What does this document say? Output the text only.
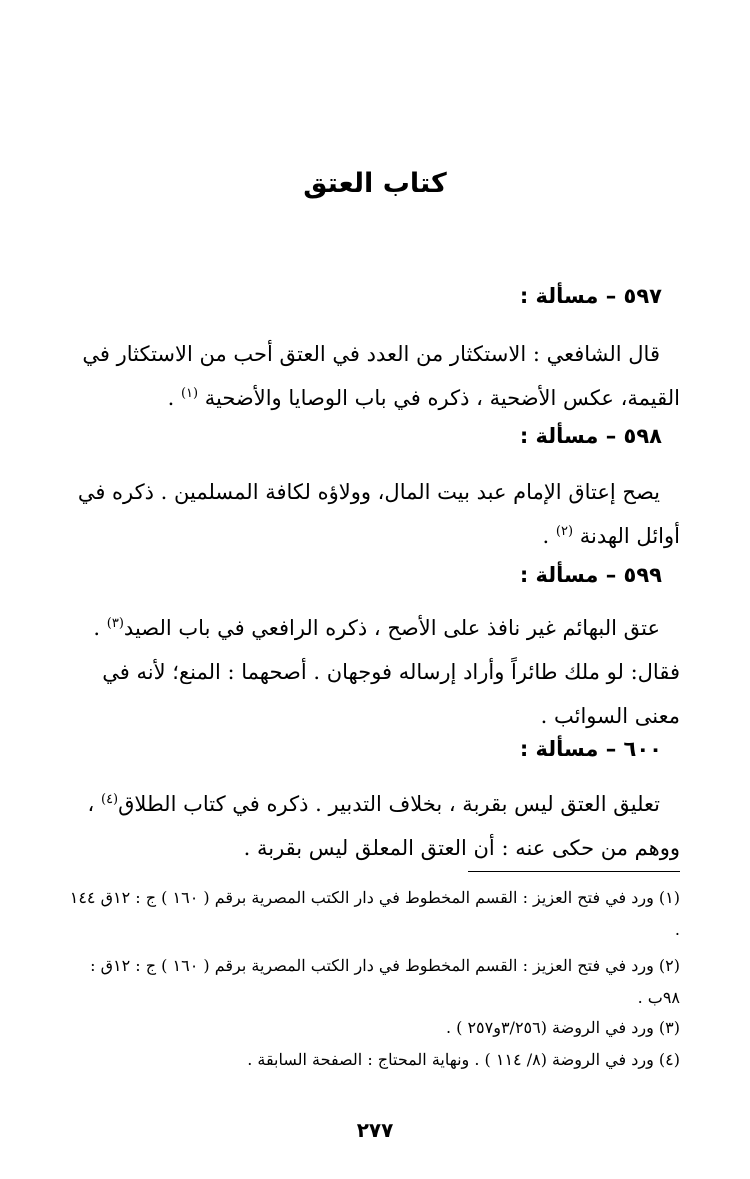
كتاب العتق
٥٩٧ – مسألة :
قال الشافعي : الاستكثار من العدد في العتق أحب من الاستكثار في
القيمة، عكس الأضحية ، ذكره في باب الوصايا والأضحية $^{(١)}$ .
٥٩٨ – مسألة :
يصح إعتاق الإمام عبد بيت المال، وولاؤه لكافة المسلمين . ذكره في
أوائل الهدنة $^{(٢)}$ .
٥٩٩ – مسألة :
عتق البهائم غير نافذ على الأصح ، ذكره الرافعي في باب الصيد$^{(٣)}$ .
فقال: لو ملك طائراً وأراد إرساله فوجهان . أصحهما : المنع؛ لأنه في
معنى السوائب .
٦٠٠ – مسألة :
تعليق العتق ليس بقربة ، بخلاف التدبير . ذكره في كتاب الطلاق$^{(٤)}$ ،
ووهم من حكى عنه : أن العتق المعلق ليس بقربة .
(١) ورد في فتح العزيز : القسم المخطوط في دار الكتب المصرية برقم ( ١٦٠ ) ج : ١٢ق ١٤٤ .
(٢) ورد في فتح العزيز : القسم المخطوط في دار الكتب المصرية برقم ( ١٦٠ ) ج : ١٢ق : ٩٨ب .
(٣) ورد في الروضة (٣/٢٥٦و٢٥٧ ) .
(٤) ورد في الروضة (٨/ ١١٤ ) . ونهاية المحتاج : الصفحة السابقة .
٢٧٧
